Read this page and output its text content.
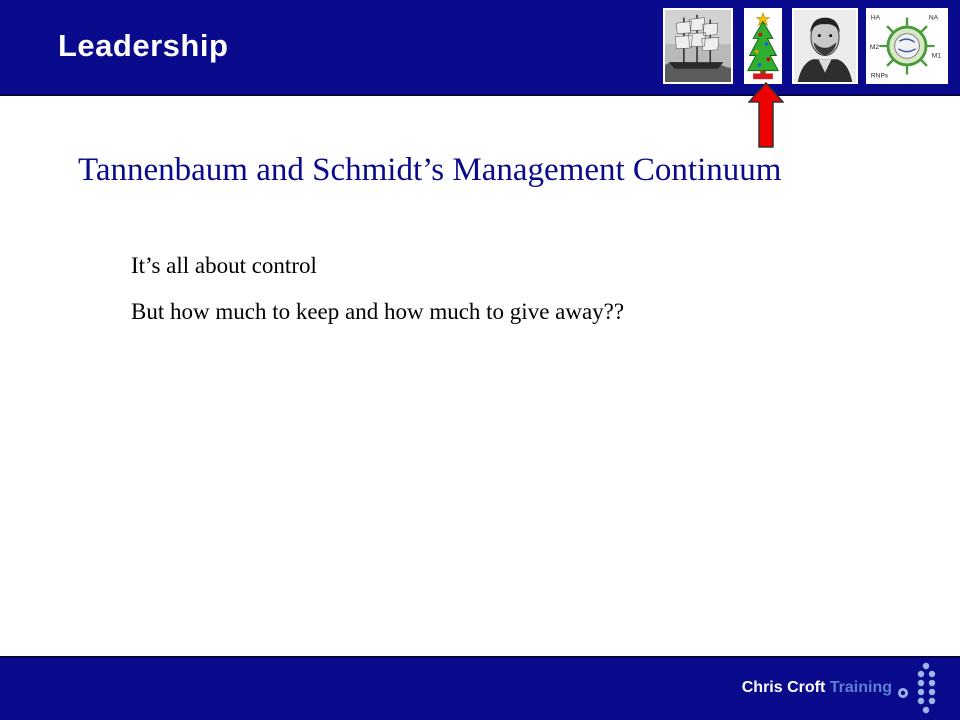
Leadership
HA	NA
M2
M1
RNPs
Tannenbaum and Schmidt’s Management Continuum
It’s all about control
But how much to keep and how much to give away??
Chris Croft Training
